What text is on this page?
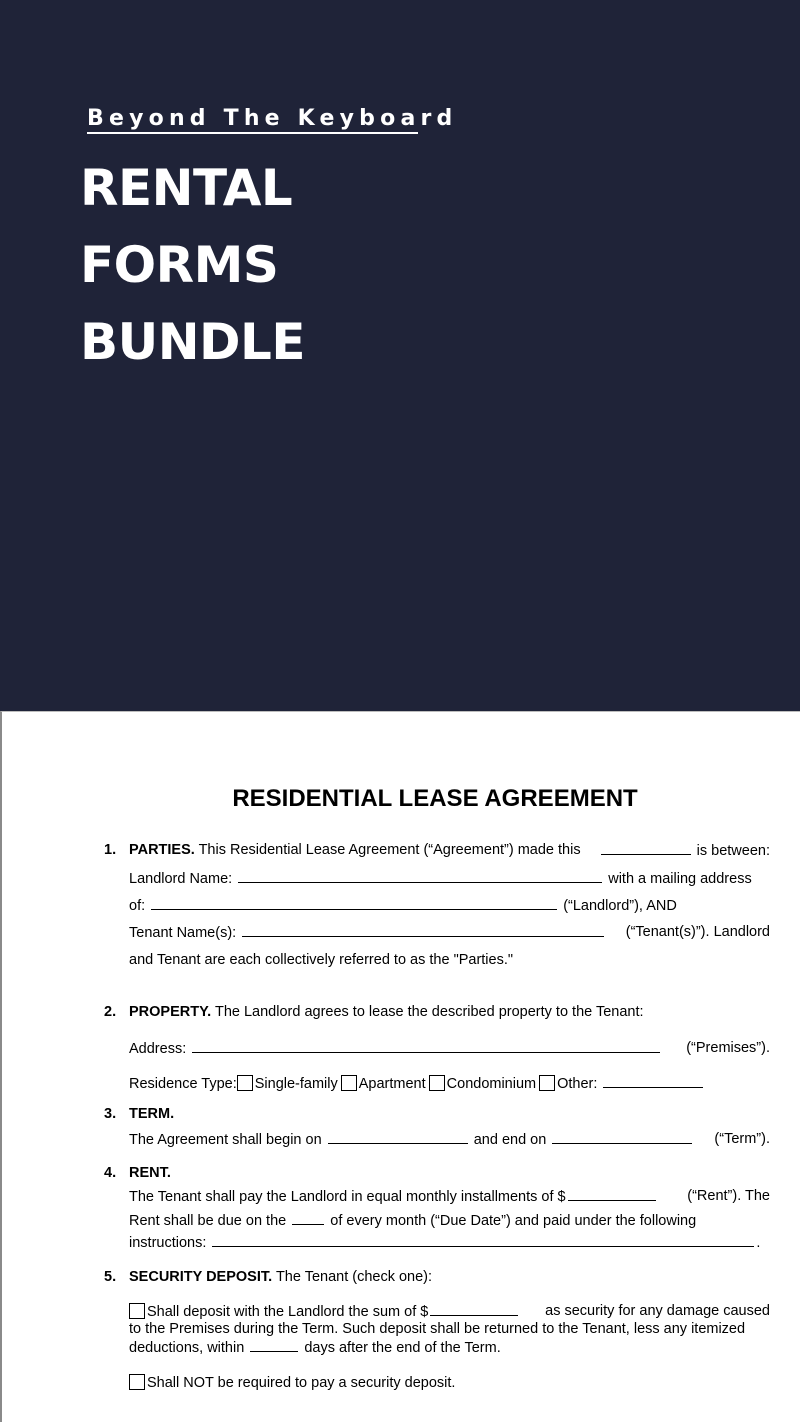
Beyond The Keyboard
RENTAL
FORMS
BUNDLE
RESIDENTIAL LEASE AGREEMENT
1. PARTIES. This Residential Lease Agreement (“Agreement”) made this	is between:
Landlord Name:	with a mailing address
of:	(“Landlord”), AND
Tenant Name(s):	(“Tenant(s)”). Landlord
and Tenant are each collectively referred to as the "Parties."
2. PROPERTY. The Landlord agrees to lease the described property to the Tenant:
Address:	(“Premises”).
Residence Type: Single-family Apartment Condominium Other:
3. TERM.
The Agreement shall begin on	and end on	(“Term”).
4. RENT.
The Tenant shall pay the Landlord in equal monthly installments of $	(“Rent”). The
Rent shall be due on the	of every month (“Due Date”) and paid under the following
instructions:	.
5. SECURITY DEPOSIT. The Tenant (check one):
Shall deposit with the Landlord the sum of $	as security for any damage caused
to the Premises during the Term. Such deposit shall be returned to the Tenant, less any itemized
deductions, within	days after the end of the Term.
Shall NOT be required to pay a security deposit.
